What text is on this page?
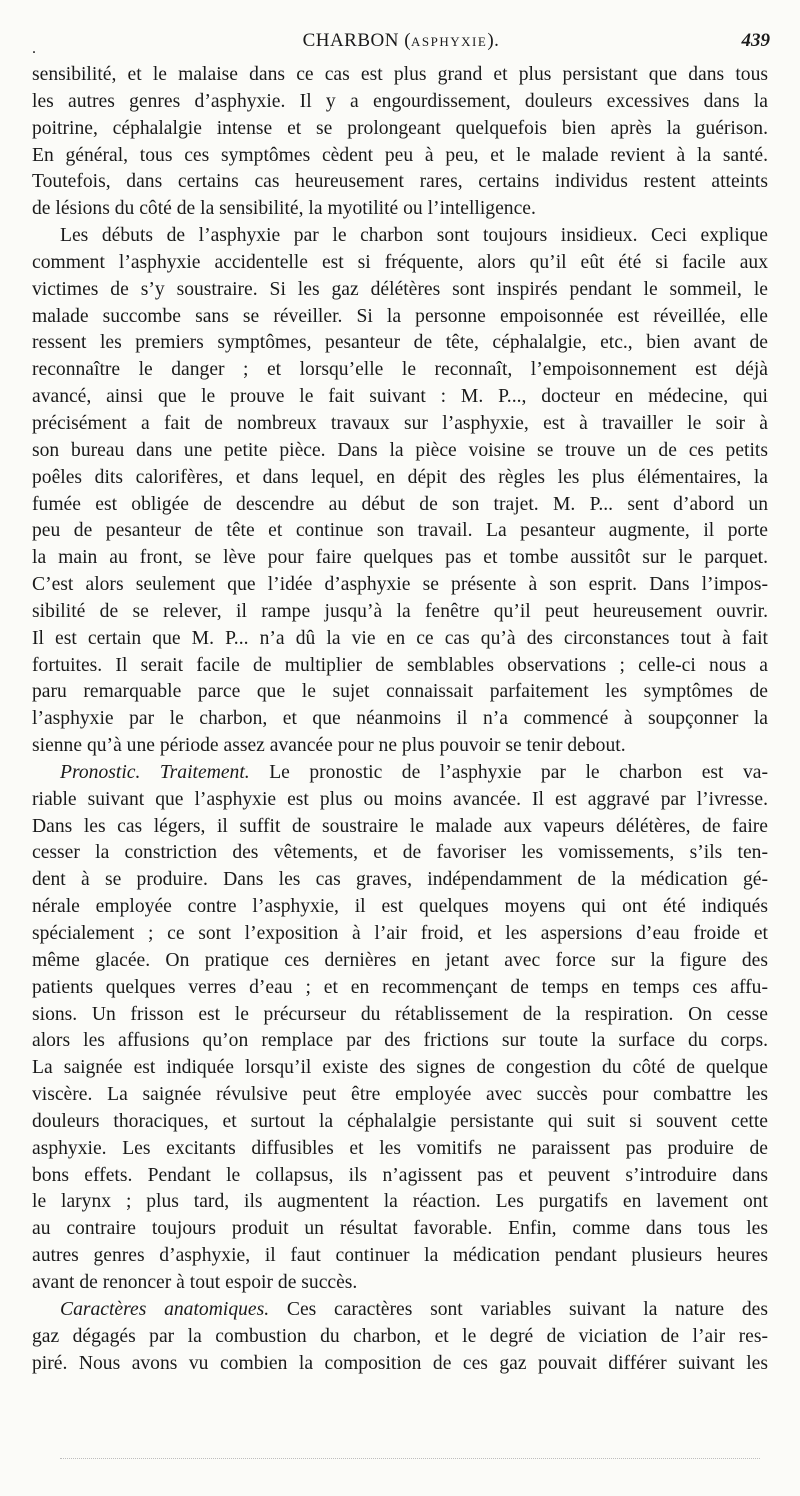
.	CHARBON (ASPHYXIE).	439

sensibilité, et le malaise dans ce cas est plus grand et plus persistant que dans tous

les autres genres d’asphyxie. Il y a engourdissement, douleurs excessives dans la

poitrine, céphalalgie intense et se prolongeant quelquefois bien après la guérison.

En général, tous ces symptômes cèdent peu à peu, et le malade revient à la santé.

Toutefois, dans certains cas heureusement rares, certains individus restent atteints

de lésions du côté de la sensibilité, la myotilité ou l’intelligence.

Les débuts de l’asphyxie par le charbon sont toujours insidieux. Ceci explique

comment l’asphyxie accidentelle est si fréquente, alors qu’il eût été si facile aux

victimes de s’y soustraire. Si les gaz délétères sont inspirés pendant le sommeil, le

malade succombe sans se réveiller. Si la personne empoisonnée est réveillée, elle

ressent les premiers symptômes, pesanteur de tête, céphalalgie, etc., bien avant de

reconnaître le danger ; et lorsqu’elle le reconnaît, l’empoisonnement est déjà

avancé, ainsi que le prouve le fait suivant : M. P..., docteur en médecine, qui

précisément a fait de nombreux travaux sur l’asphyxie, est à travailler le soir à

son bureau dans une petite pièce. Dans la pièce voisine se trouve un de ces petits

poêles dits calorifères, et dans lequel, en dépit des règles les plus élémentaires, la

fumée est obligée de descendre au début de son trajet. M. P... sent d’abord un

peu de pesanteur de tête et continue son travail. La pesanteur augmente, il porte

la main au front, se lève pour faire quelques pas et tombe aussitôt sur le parquet.

C’est alors seulement que l’idée d’asphyxie se présente à son esprit. Dans l’impos-

sibilité de se relever, il rampe jusqu’à la fenêtre qu’il peut heureusement ouvrir.

Il est certain que M. P... n’a dû la vie en ce cas qu’à des circonstances tout à fait

fortuites. Il serait facile de multiplier de semblables observations ; celle-ci nous a

paru remarquable parce que le sujet connaissait parfaitement les symptômes de

l’asphyxie par le charbon, et que néanmoins il n’a commencé à soupçonner la

sienne qu’à une période assez avancée pour ne plus pouvoir se tenir debout.

Pronostic. Traitement. Le pronostic de l’asphyxie par le charbon est va-

riable suivant que l’asphyxie est plus ou moins avancée. Il est aggravé par l’ivresse.

Dans les cas légers, il suffit de soustraire le malade aux vapeurs délétères, de faire

cesser la constriction des vêtements, et de favoriser les vomissements, s’ils ten-

dent à se produire. Dans les cas graves, indépendamment de la médication gé-

nérale employée contre l’asphyxie, il est quelques moyens qui ont été indiqués

spécialement ; ce sont l’exposition à l’air froid, et les aspersions d’eau froide et

même glacée. On pratique ces dernières en jetant avec force sur la figure des

patients quelques verres d’eau ; et en recommençant de temps en temps ces affu-

sions. Un frisson est le précurseur du rétablissement de la respiration. On cesse

alors les affusions qu’on remplace par des frictions sur toute la surface du corps.

La saignée est indiquée lorsqu’il existe des signes de congestion du côté de quelque

viscère. La saignée révulsive peut être employée avec succès pour combattre les

douleurs thoraciques, et surtout la céphalalgie persistante qui suit si souvent cette

asphyxie. Les excitants diffusibles et les vomitifs ne paraissent pas produire de

bons effets. Pendant le collapsus, ils n’agissent pas et peuvent s’introduire dans

le larynx ; plus tard, ils augmentent la réaction. Les purgatifs en lavement ont

au contraire toujours produit un résultat favorable. Enfin, comme dans tous les

autres genres d’asphyxie, il faut continuer la médication pendant plusieurs heures

avant de renoncer à tout espoir de succès.

Caractères anatomiques. Ces caractères sont variables suivant la nature des

gaz dégagés par la combustion du charbon, et le degré de viciation de l’air res-

piré. Nous avons vu combien la composition de ces gaz pouvait différer suivant les
